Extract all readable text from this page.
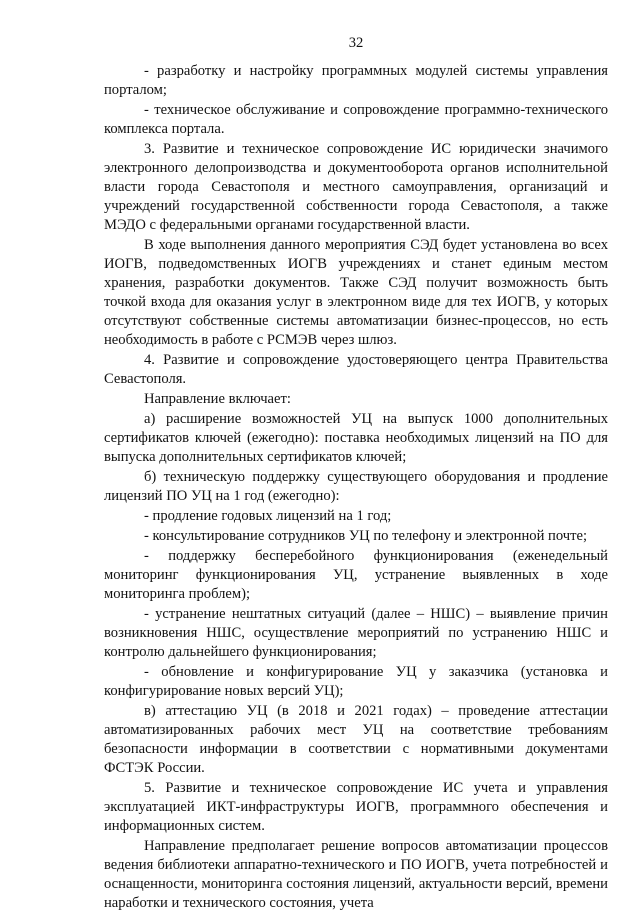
32

- разработку и настройку программных модулей системы управления порталом;

- техническое обслуживание и сопровождение программно-технического комплекса портала.

3. Развитие и техническое сопровождение ИС юридически значимого электронного делопроизводства и документооборота органов исполнительной власти города Севастополя и местного самоуправления, организаций и учреждений государственной собственности города Севастополя, а также МЭДО с федеральными органами государственной власти.

В ходе выполнения данного мероприятия СЭД будет установлена во всех ИОГВ, подведомственных ИОГВ учреждениях и станет единым местом хранения, разработки документов. Также СЭД получит возможность быть точкой входа для оказания услуг в электронном виде для тех ИОГВ, у которых отсутствуют собственные системы автоматизации бизнес-процессов, но есть необходимость в работе с РСМЭВ через шлюз.

4. Развитие и сопровождение удостоверяющего центра Правительства Севастополя.

Направление включает:

а) расширение возможностей УЦ на выпуск 1000 дополнительных сертификатов ключей (ежегодно): поставка необходимых лицензий на ПО для выпуска дополнительных сертификатов ключей;

б) техническую поддержку существующего оборудования и продление лицензий ПО УЦ на 1 год (ежегодно):

- продление годовых лицензий на 1 год;

- консультирование сотрудников УЦ по телефону и электронной почте;

- поддержку бесперебойного функционирования (еженедельный мониторинг функционирования УЦ, устранение выявленных в ходе мониторинга проблем);

- устранение нештатных ситуаций (далее – НШС) – выявление причин возникновения НШС, осуществление мероприятий по устранению НШС и контролю дальнейшего функционирования;

- обновление и конфигурирование УЦ у заказчика (установка и конфигурирование новых версий УЦ);

в) аттестацию УЦ (в 2018 и 2021 годах) – проведение аттестации автоматизированных рабочих мест УЦ на соответствие требованиям безопасности информации в соответствии с нормативными документами ФСТЭК России.

5. Развитие и техническое сопровождение ИС учета и управления эксплуатацией ИКТ-инфраструктуры ИОГВ, программного обеспечения и информационных систем.

Направление предполагает решение вопросов автоматизации процессов ведения библиотеки аппаратно-технического и ПО ИОГВ, учета потребностей и оснащенности, мониторинга состояния лицензий, актуальности версий, времени наработки и технического состояния, учета
